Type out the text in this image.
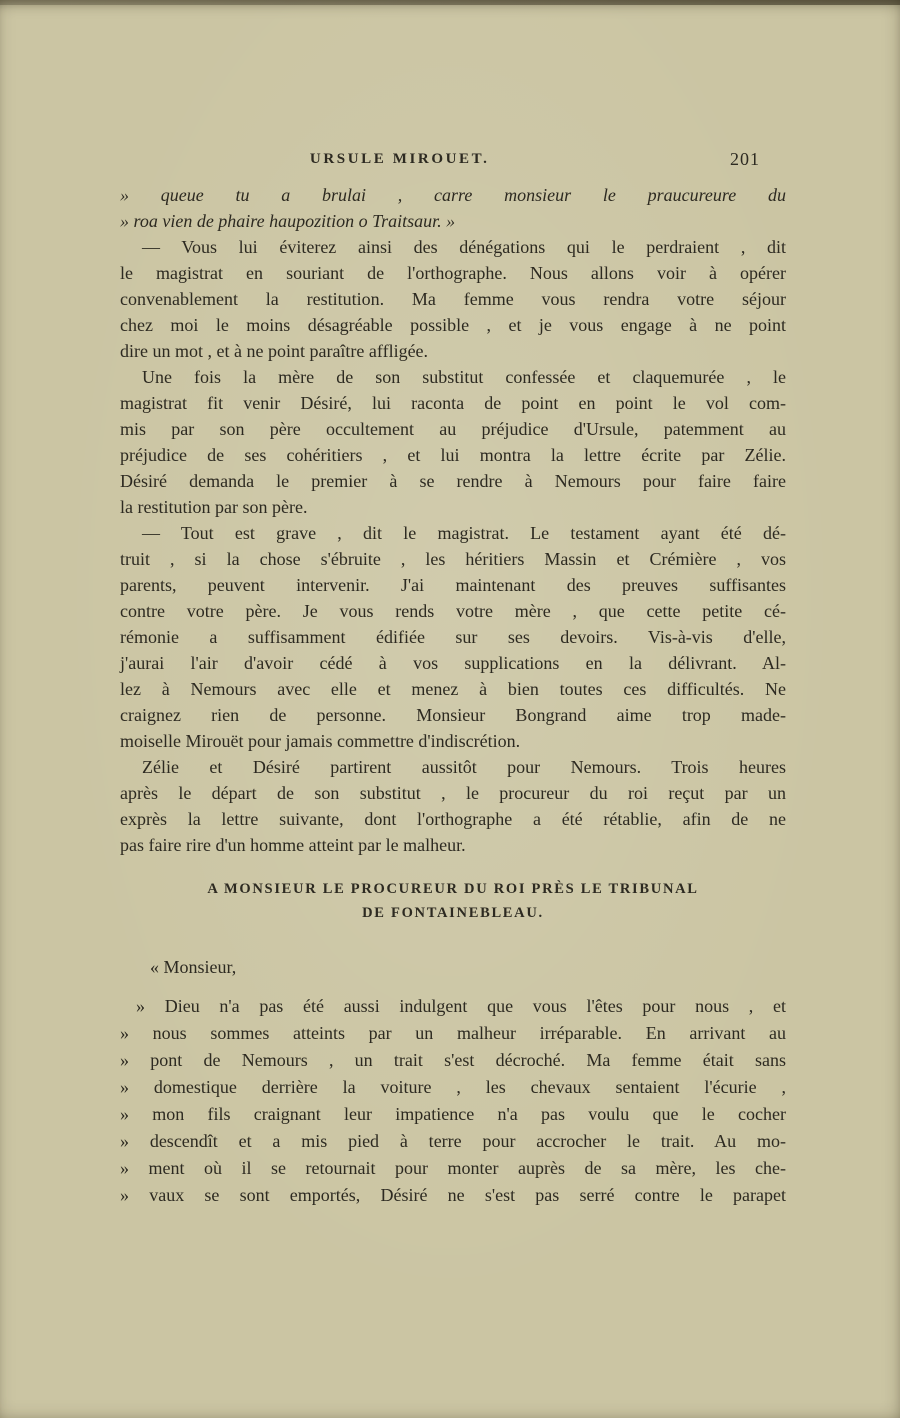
URSULE MIROUET.	201
» queue tu a brulai , carre monsieur le praucureure du
» roa vien de phaire haupozition o Traitsaur. »
— Vous lui éviterez ainsi des dénégations qui le perdraient , dit
le magistrat en souriant de l'orthographe. Nous allons voir à opérer
convenablement la restitution. Ma femme vous rendra votre séjour
chez moi le moins désagréable possible , et je vous engage à ne point
dire un mot , et à ne point paraître affligée.
Une fois la mère de son substitut confessée et claquemurée , le
magistrat fit venir Désiré, lui raconta de point en point le vol com-
mis par son père occultement au préjudice d'Ursule, patemment au
préjudice de ses cohéritiers , et lui montra la lettre écrite par Zélie.
Désiré demanda le premier à se rendre à Nemours pour faire faire
la restitution par son père.
— Tout est grave , dit le magistrat. Le testament ayant été dé-
truit , si la chose s'ébruite , les héritiers Massin et Crémière , vos
parents, peuvent intervenir. J'ai maintenant des preuves suffisantes
contre votre père. Je vous rends votre mère , que cette petite cé-
rémonie a suffisamment édifiée sur ses devoirs. Vis-à-vis d'elle,
j'aurai l'air d'avoir cédé à vos supplications en la délivrant. Al-
lez à Nemours avec elle et menez à bien toutes ces difficultés. Ne
craignez rien de personne. Monsieur Bongrand aime trop made-
moiselle Mirouët pour jamais commettre d'indiscrétion.
Zélie et Désiré partirent aussitôt pour Nemours. Trois heures
après le départ de son substitut , le procureur du roi reçut par un
exprès la lettre suivante, dont l'orthographe a été rétablie, afin de ne
pas faire rire d'un homme atteint par le malheur.
A MONSIEUR LE PROCUREUR DU ROI PRÈS LE TRIBUNAL
DE FONTAINEBLEAU.
« Monsieur,
» Dieu n'a pas été aussi indulgent que vous l'êtes pour nous , et
» nous sommes atteints par un malheur irréparable. En arrivant au
» pont de Nemours , un trait s'est décroché. Ma femme était sans
» domestique derrière la voiture , les chevaux sentaient l'écurie ,
» mon fils craignant leur impatience n'a pas voulu que le cocher
» descendît et a mis pied à terre pour accrocher le trait. Au mo-
» ment où il se retournait pour monter auprès de sa mère, les che-
» vaux se sont emportés, Désiré ne s'est pas serré contre le parapet
